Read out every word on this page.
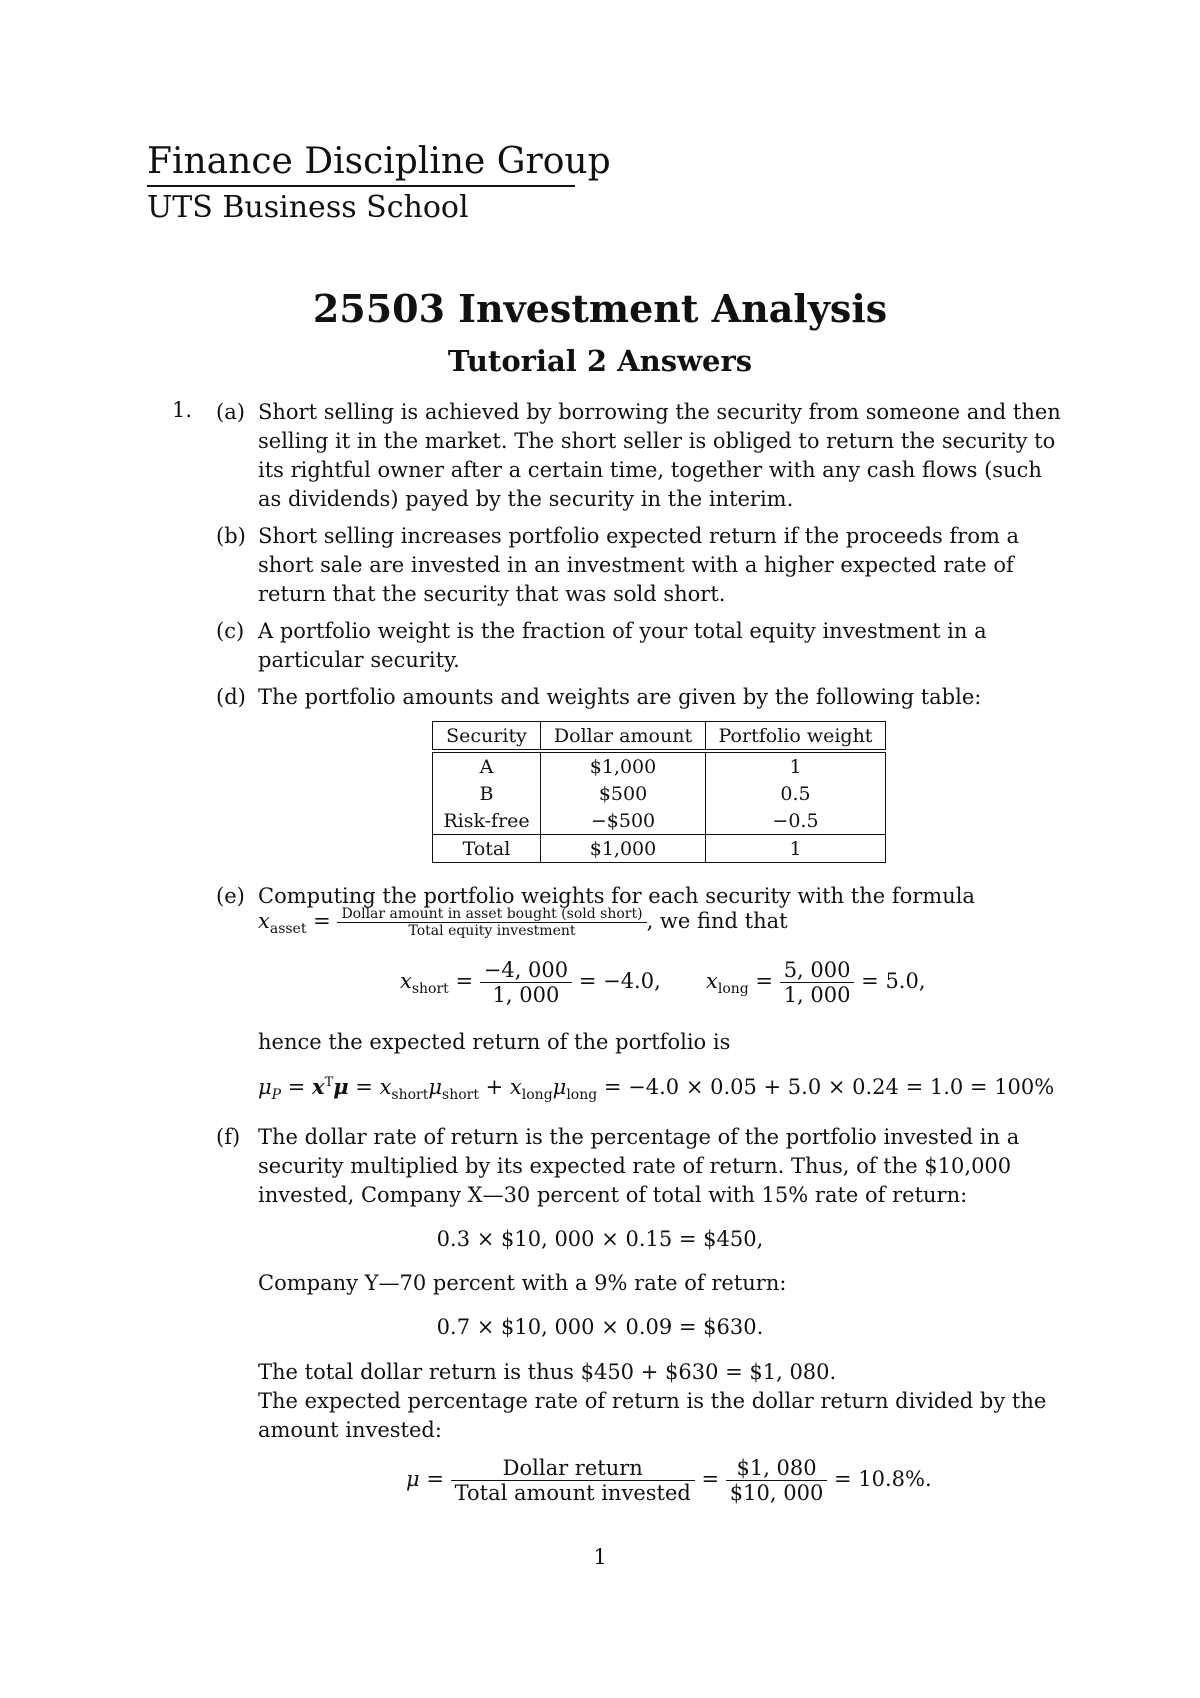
Finance Discipline Group
UTS Business School
25503 Investment Analysis
Tutorial 2 Answers
1. (a) Short selling is achieved by borrowing the security from someone and then selling it in the market. The short seller is obliged to return the security to its rightful owner after a certain time, together with any cash flows (such as dividends) payed by the security in the interim.
(b) Short selling increases portfolio expected return if the proceeds from a short sale are invested in an investment with a higher expected rate of return that the security that was sold short.
(c) A portfolio weight is the fraction of your total equity investment in a particular security.
(d) The portfolio amounts and weights are given by the following table:
Security	Dollar amount	Portfolio weight
A	$1,000	1
B	$500	0.5
Risk-free	−$500	−0.5
Total	$1,000	1
(e) Computing the portfolio weights for each security with the formula
$x_{asset} = \frac{\text{Dollar amount in asset bought (sold short)}}{\text{Total equity investment}}$ , we find that
$x_{short} = \frac{-4, 000}{1, 000} = -4.0$, $x_{long} = \frac{5, 000}{1, 000} = 5.0$,
hence the expected return of the portfolio is
$\mu_P = x^T\mu = x_{short}\mu_{short} + x_{long}\mu_{long} = -4.0 \times 0.05 + 5.0 \times 0.24 = 1.0 = 100\%$
(f) The dollar rate of return is the percentage of the portfolio invested in a security multiplied by its expected rate of return. Thus, of the $10,000 invested, Company X—30 percent of total with 15% rate of return:
0.3 × $10, 000 × 0.15 = $450,
Company Y—70 percent with a 9% rate of return:
0.7 × $10, 000 × 0.09 = $630.
The total dollar return is thus $450 + $630 = $1, 080.
The expected percentage rate of return is the dollar return divided by the amount invested:
$\mu = \frac{\text{Dollar return}}{\text{Total amount invested}} = \frac{\$1, 080}{\$10, 000} = 10.8\%$.
1
